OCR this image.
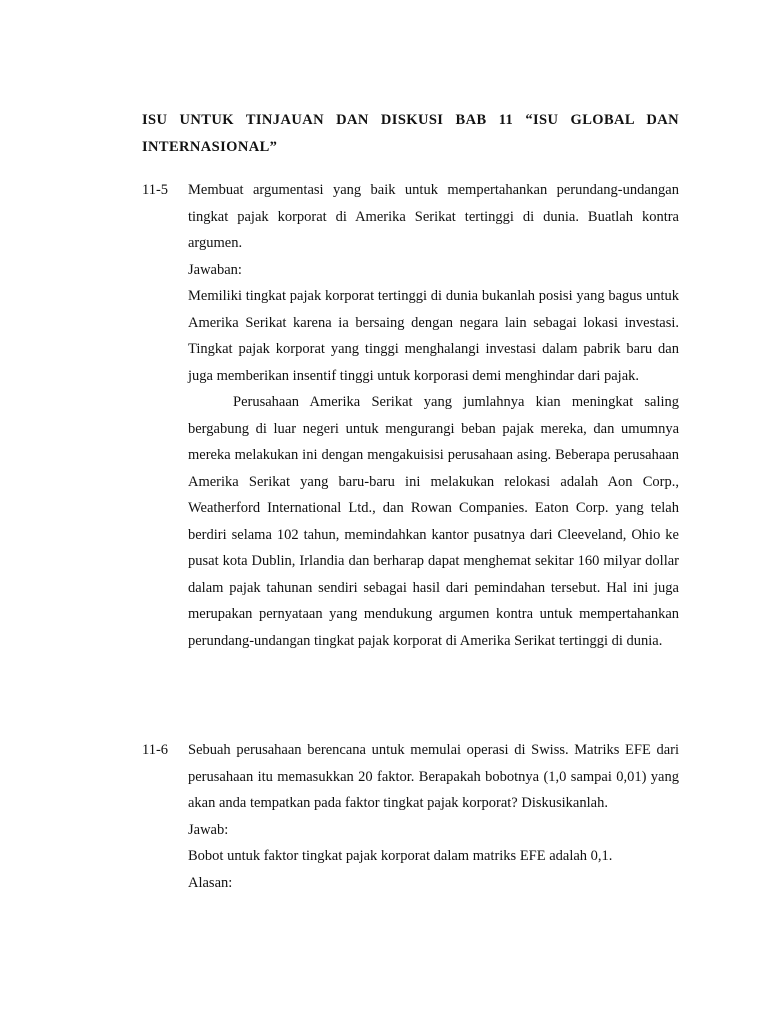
ISU UNTUK TINJAUAN DAN DISKUSI BAB 11 “ISU GLOBAL DAN INTERNASIONAL”
11-5 Membuat argumentasi yang baik untuk mempertahankan perundang-undangan tingkat pajak korporat di Amerika Serikat tertinggi di dunia. Buatlah kontra argumen.

Jawaban:

Memiliki tingkat pajak korporat tertinggi di dunia bukanlah posisi yang bagus untuk Amerika Serikat karena ia bersaing dengan negara lain sebagai lokasi investasi. Tingkat pajak korporat yang tinggi menghalangi investasi dalam pabrik baru dan juga memberikan insentif tinggi untuk korporasi demi menghindar dari pajak.

Perusahaan Amerika Serikat yang jumlahnya kian meningkat saling bergabung di luar negeri untuk mengurangi beban pajak mereka, dan umumnya mereka melakukan ini dengan mengakuisisi perusahaan asing. Beberapa perusahaan Amerika Serikat yang baru-baru ini melakukan relokasi adalah Aon Corp., Weatherford International Ltd., dan Rowan Companies. Eaton Corp. yang telah berdiri selama 102 tahun, memindahkan kantor pusatnya dari Cleeveland, Ohio ke pusat kota Dublin, Irlandia dan berharap dapat menghemat sekitar 160 milyar dollar dalam pajak tahunan sendiri sebagai hasil dari pemindahan tersebut. Hal ini juga merupakan pernyataan yang mendukung argumen kontra untuk mempertahankan perundang-undangan tingkat pajak korporat di Amerika Serikat tertinggi di dunia.

11-6 Sebuah perusahaan berencana untuk memulai operasi di Swiss. Matriks EFE dari perusahaan itu memasukkan 20 faktor. Berapakah bobotnya (1,0 sampai 0,01) yang akan anda tempatkan pada faktor tingkat pajak korporat? Diskusikanlah.

Jawab:

Bobot untuk faktor tingkat pajak korporat dalam matriks EFE adalah 0,1.

Alasan:
